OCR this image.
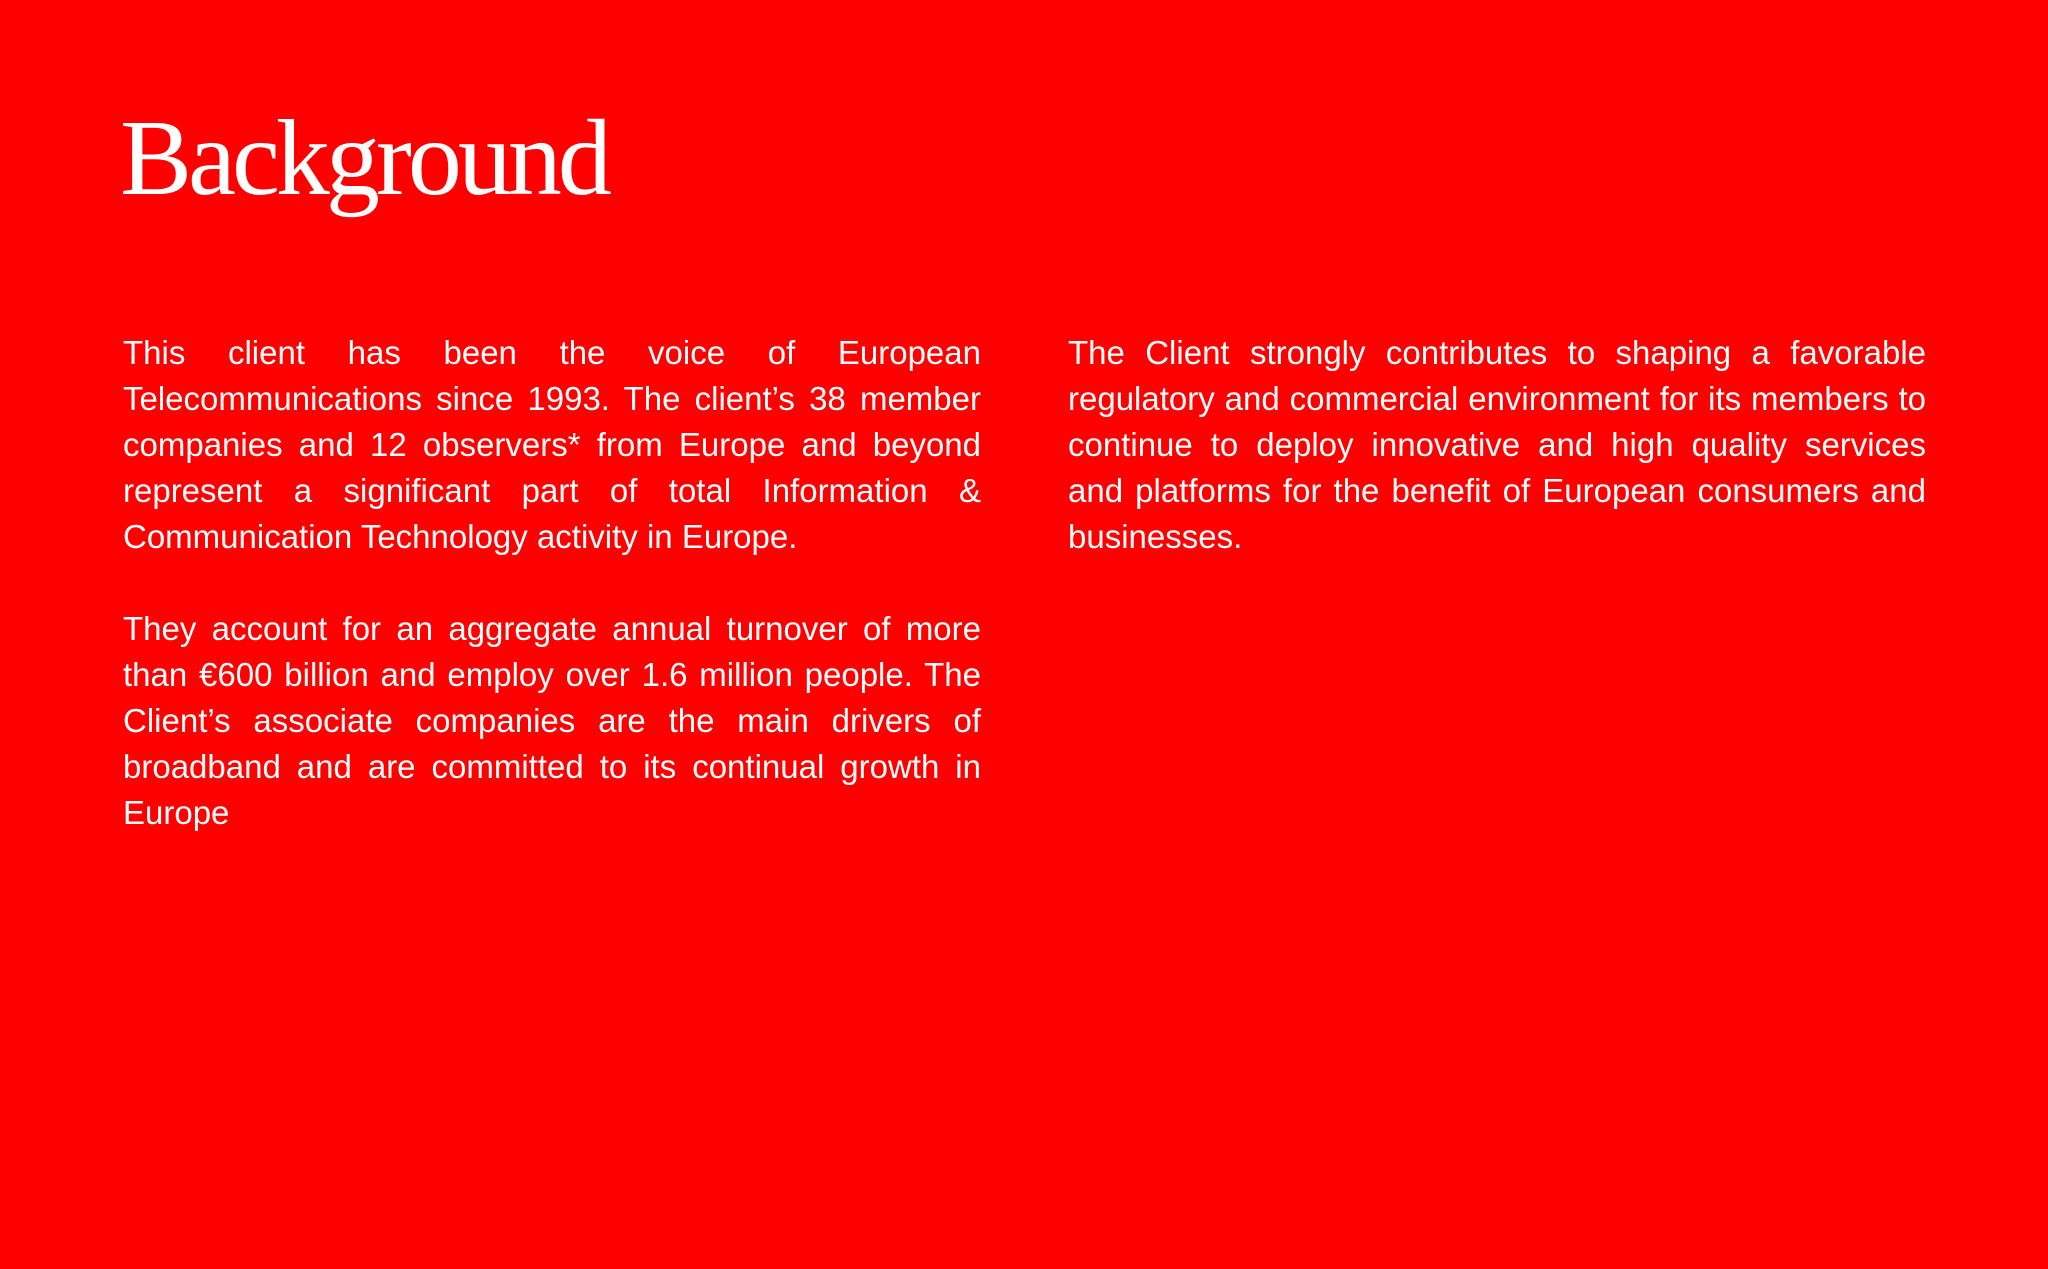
Background

This client has been the voice of European Telecommunications since 1993. The client’s 38 member companies and 12 observers* from Europe and beyond represent a significant part of total Information & Communication Technology activity in Europe.

They account for an aggregate annual turnover of more than €600 billion and employ over 1.6 million people. The Client’s associate companies are the main drivers of broadband and are committed to its continual growth in Europe

The Client strongly contributes to shaping a favorable regulatory and commercial environment for its members to continue to deploy innovative and high quality services and platforms for the benefit of European consumers and businesses.
